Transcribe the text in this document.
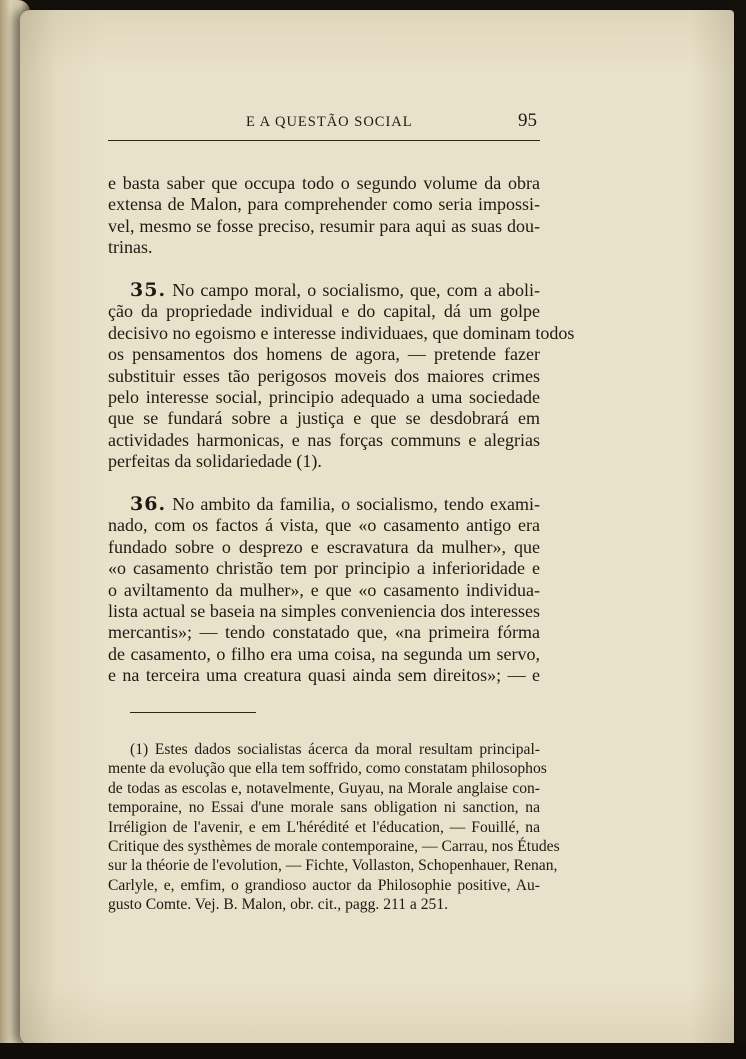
E A QUESTÃO SOCIAL	95
e basta saber que occupa todo o segundo volume da obra
extensa de Malon, para comprehender como seria impossi-
vel, mesmo se fosse preciso, resumir para aqui as suas dou-
trinas.
35. No campo moral, o socialismo, que, com a aboli-
ção da propriedade individual e do capital, dá um golpe
decisivo no egoismo e interesse individuaes, que dominam todos
os pensamentos dos homens de agora, — pretende fazer
substituir esses tão perigosos moveis dos maiores crimes
pelo interesse social, principio adequado a uma sociedade
que se fundará sobre a justiça e que se desdobrará em
actividades harmonicas, e nas forças communs e alegrias
perfeitas da solidariedade (1).
36. No ambito da familia, o socialismo, tendo exami-
nado, com os factos á vista, que «o casamento antigo era
fundado sobre o desprezo e escravatura da mulher», que
«o casamento christão tem por principio a inferioridade e
o aviltamento da mulher», e que «o casamento individua-
lista actual se baseia na simples conveniencia dos interesses
mercantis»; — tendo constatado que, «na primeira fórma
de casamento, o filho era uma coisa, na segunda um servo,
e na terceira uma creatura quasi ainda sem direitos»; — e
(1) Estes dados socialistas ácerca da moral resultam principal-
mente da evolução que ella tem soffrido, como constatam philosophos
de todas as escolas e, notavelmente, Guyau, na Morale anglaise con-
temporaine, no Essai d'une morale sans obligation ni sanction, na
Irréligion de l'avenir, e em L'hérédité et l'éducation, — Fouillé, na
Critique des systhèmes de morale contemporaine, — Carrau, nos Études
sur la théorie de l'evolution, — Fichte, Vollaston, Schopenhauer, Renan,
Carlyle, e, emfim, o grandioso auctor da Philosophie positive, Au-
gusto Comte. Vej. B. Malon, obr. cit., pagg. 211 a 251.
